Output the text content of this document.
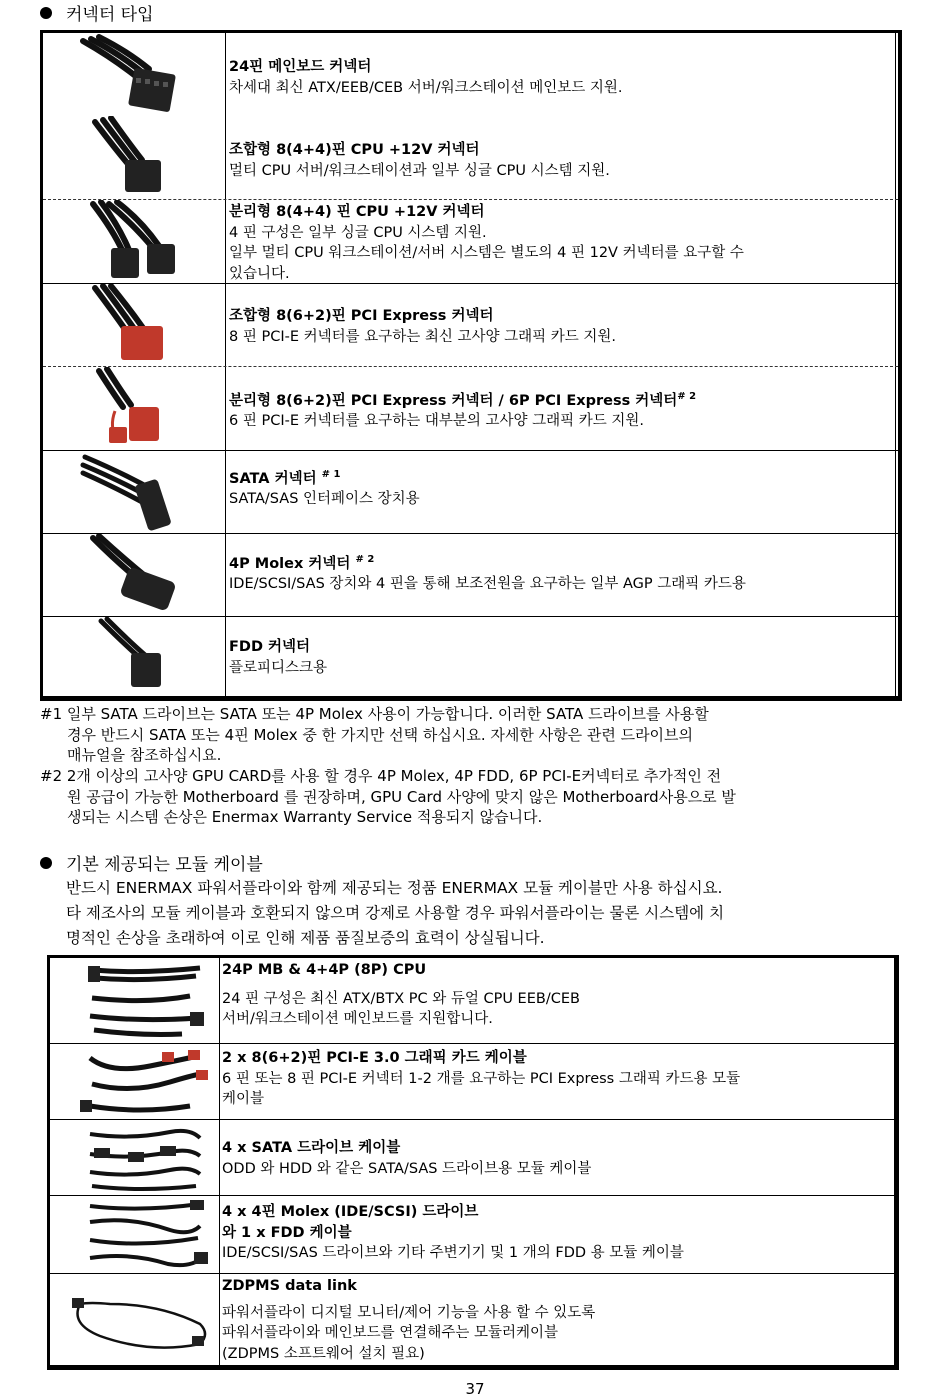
커넥터 타입
24핀 메인보드 커넥터
차세대 최신 ATX/EEB/CEB 서버/워크스테이션 메인보드 지원.
조합형 8(4+4)핀 CPU +12V 커넥터
멀티 CPU 서버/워크스테이션과 일부 싱글 CPU 시스템 지원.
분리형 8(4+4) 핀 CPU +12V 커넥터
4 핀 구성은 일부 싱글 CPU 시스템 지원.
일부 멀티 CPU 워크스테이션/서버 시스템은 별도의 4 핀 12V 커넥터를 요구할 수
있습니다.
조합형 8(6+2)핀 PCI Express 커넥터
8 핀 PCI-E 커넥터를 요구하는 최신 고사양 그래픽 카드 지원.
분리형 8(6+2)핀 PCI Express 커넥터 / 6P PCI Express 커넥터$^{\# 2}$
6 핀 PCI-E 커넥터를 요구하는 대부분의 고사양 그래픽 카드 지원.
SATA 커넥터 $^{\# 1}$
SATA/SAS 인터페이스 장치용
4P Molex 커넥터 $^{\# 2}$
IDE/SCSI/SAS 장치와 4 핀을 통해 보조전원을 요구하는 일부 AGP 그래픽 카드용
FDD 커넥터
플로피디스크용
#1 일부 SATA 드라이브는 SATA 또는 4P Molex 사용이 가능합니다. 이러한 SATA 드라이브를 사용할
경우 반드시 SATA 또는 4핀 Molex 중 한 가지만 선택 하십시요. 자세한 사항은 관련 드라이브의
매뉴얼을 참조하십시요.
#2 2개 이상의 고사양 GPU CARD를 사용 할 경우 4P Molex, 4P FDD, 6P PCI-E커넥터로 추가적인 전
원 공급이 가능한 Motherboard 를 권장하며, GPU Card 사양에 맞지 않은 Motherboard사용으로 발
생되는 시스템 손상은 Enermax Warranty Service 적용되지 않습니다.
기본 제공되는 모듈 케이블
반드시 ENERMAX 파워서플라이와 함께 제공되는 정품 ENERMAX 모듈 케이블만 사용 하십시요.
타 제조사의 모듈 케이블과 호환되지 않으며 강제로 사용할 경우 파워서플라이는 물론 시스템에 치
명적인 손상을 초래하여 이로 인해 제품 품질보증의 효력이 상실됩니다.
24P MB & 4+4P (8P) CPU
24 핀 구성은 최신 ATX/BTX PC 와 듀얼 CPU EEB/CEB
서버/워크스테이션 메인보드를 지원합니다.
2 x 8(6+2)핀 PCI-E 3.0 그래픽 카드 케이블
6 핀 또는 8 핀 PCI-E 커넥터 1-2 개를 요구하는 PCI Express 그래픽 카드용 모듈
케이블
4 x SATA 드라이브 케이블
ODD 와 HDD 와 같은 SATA/SAS 드라이브용 모듈 케이블
4 x 4핀 Molex (IDE/SCSI) 드라이브
와 1 x FDD 케이블
IDE/SCSI/SAS 드라이브와 기타 주변기기 및 1 개의 FDD 용 모듈 케이블
ZDPMS data link
파워서플라이 디지털 모니터/제어 기능을 사용 할 수 있도록
파워서플라이와 메인보드를 연결해주는 모듈러케이블
(ZDPMS 소프트웨어 설치 필요)
37
